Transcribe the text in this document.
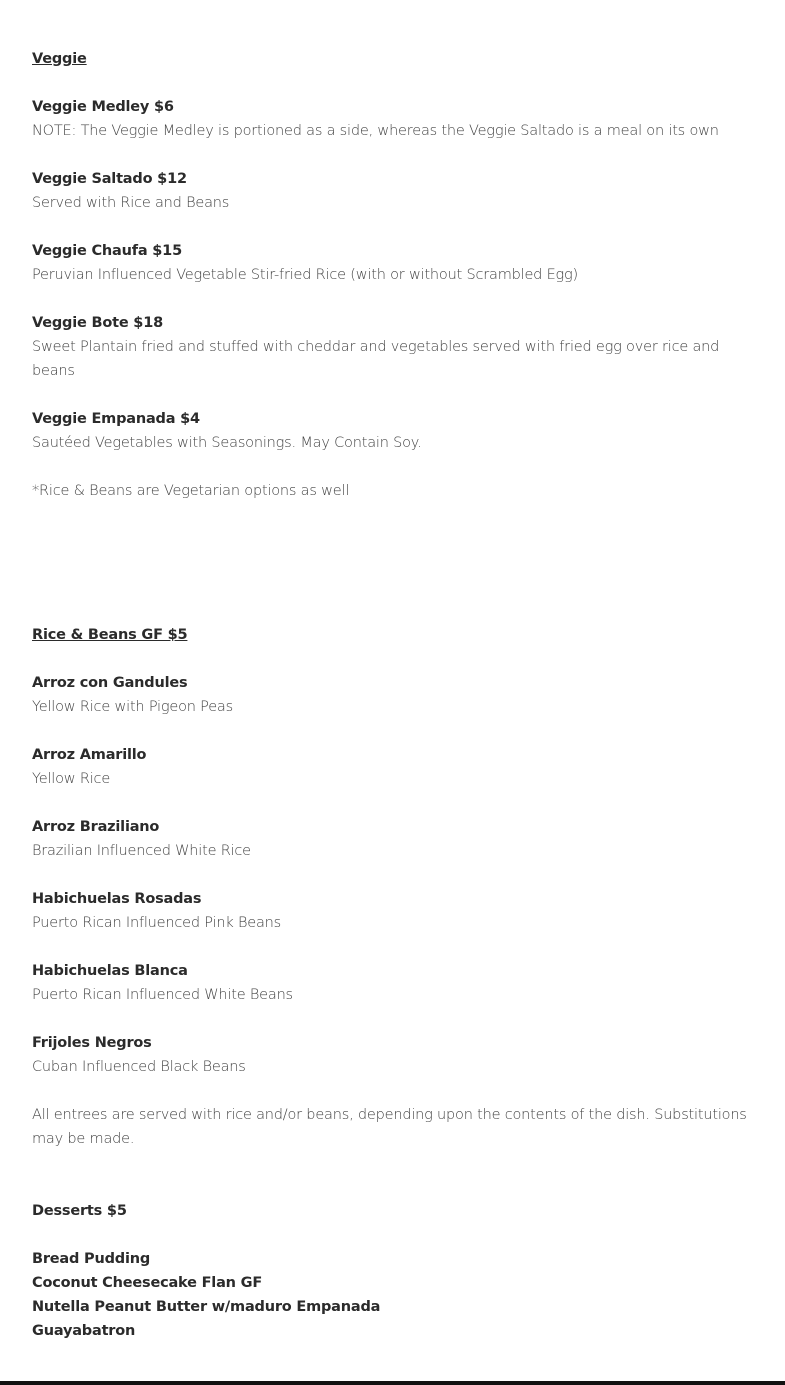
Veggie

Veggie Medley $6

NOTE: The Veggie Medley is portioned as a side, whereas the Veggie Saltado is a meal on its own

Veggie Saltado $12

Served with Rice and Beans

Veggie Chaufa $15

Peruvian Influenced Vegetable Stir-fried Rice (with or without Scrambled Egg)

Veggie Bote $18

Sweet Plantain fried and stuffed with cheddar and vegetables served with fried egg over rice and beans

Veggie Empanada $4

Sautéed Vegetables with Seasonings. May Contain Soy.

*Rice & Beans are Vegetarian options as well

Rice & Beans GF $5

Arroz con Gandules

Yellow Rice with Pigeon Peas

Arroz Amarillo

Yellow Rice

Arroz Braziliano

Brazilian Influenced White Rice

Habichuelas Rosadas

Puerto Rican Influenced Pink Beans

Habichuelas Blanca

Puerto Rican Influenced White Beans

Frijoles Negros

Cuban Influenced Black Beans

All entrees are served with rice and/or beans, depending upon the contents of the dish. Substitutions may be made.

Desserts $5

Bread Pudding

Coconut Cheesecake Flan GF

Nutella Peanut Butter w/maduro Empanada

Guayabatron
